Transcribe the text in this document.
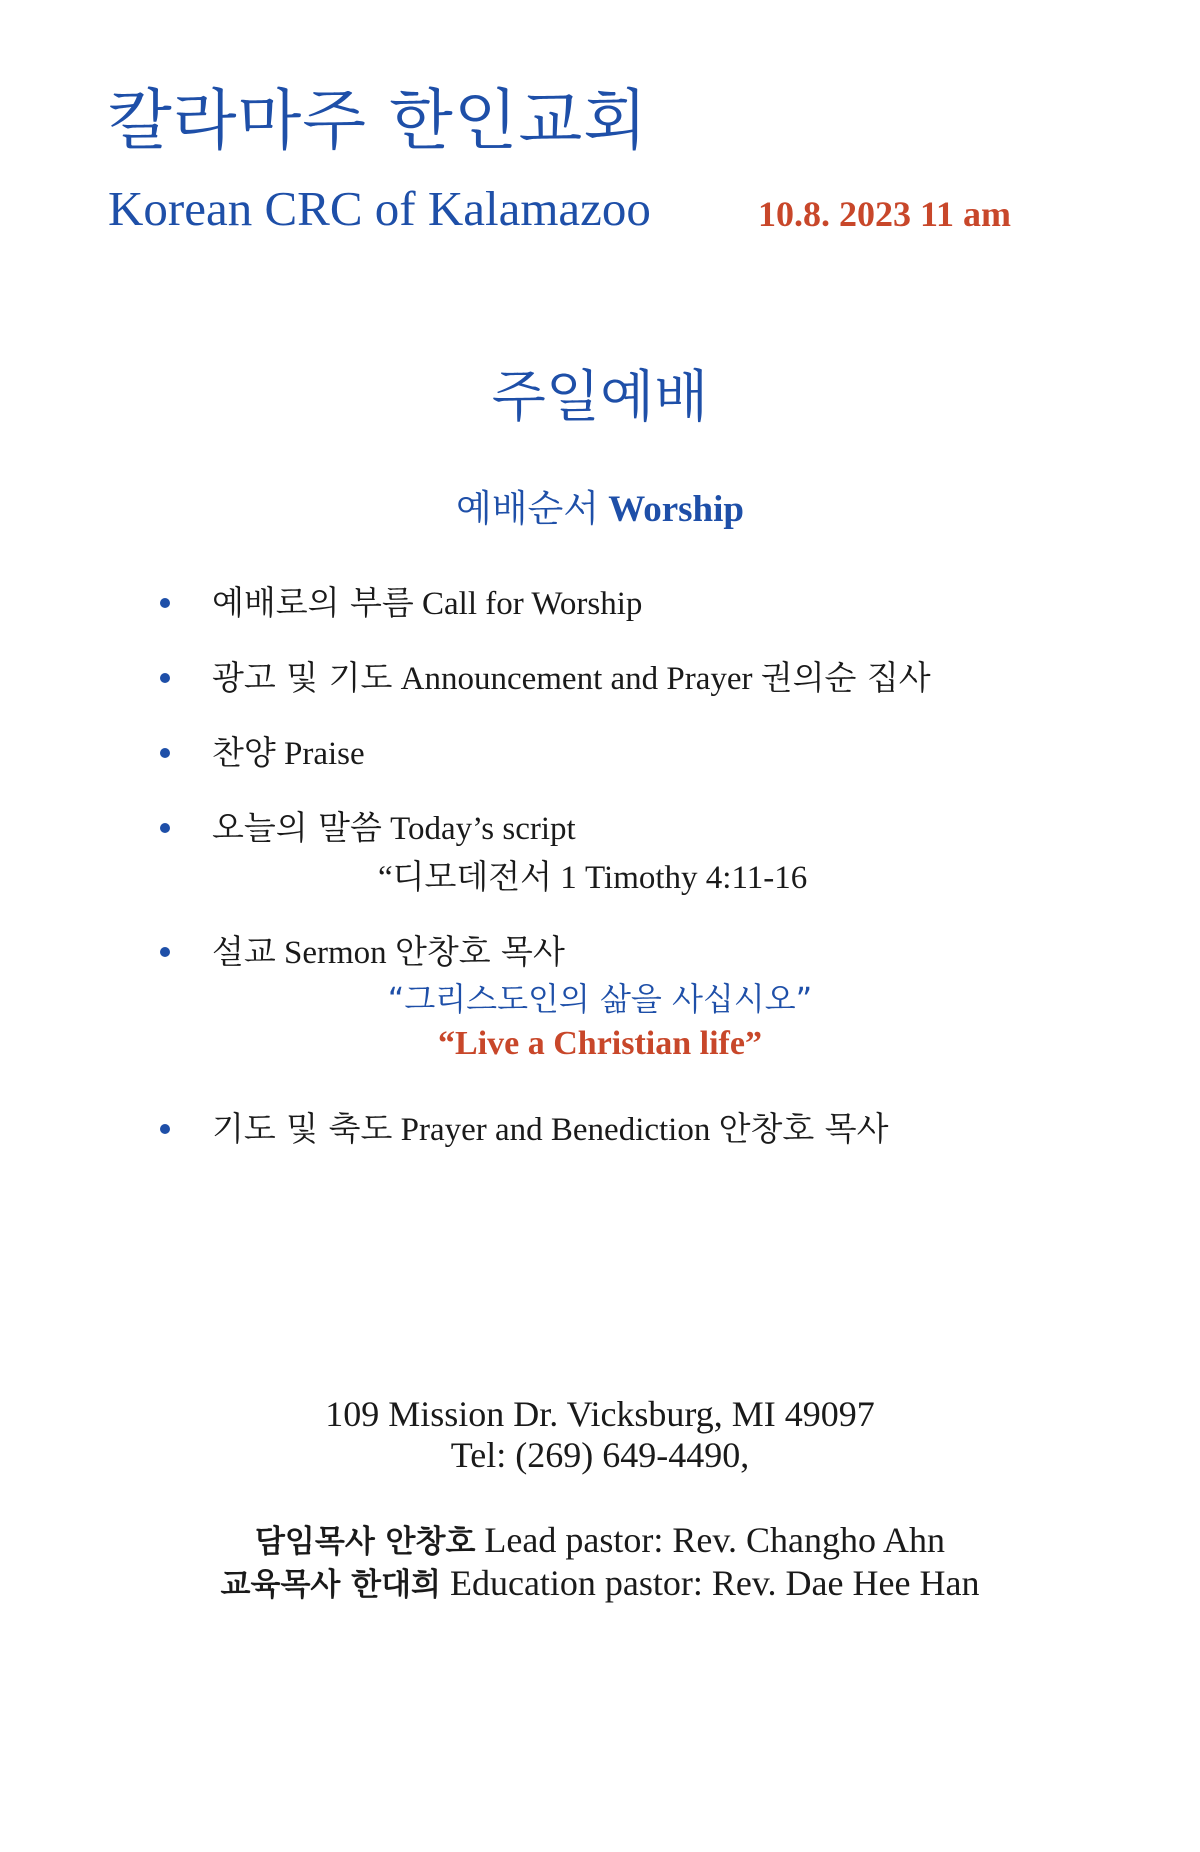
칼라마주 한인교회
Korean CRC of Kalamazoo	10.8. 2023 11 am
주일예배
예배순서 Worship
예배로의 부름 Call for Worship
광고 및 기도 Announcement and Prayer 권의순 집사
찬양 Praise
오늘의 말씀 Today’s script
“디모데전서 1 Timothy 4:11-16
설교 Sermon 안창호 목사
“그리스도인의 삶을 사십시오”
“Live a Christian life”
기도 및 축도 Prayer and Benediction 안창호 목사
109 Mission Dr. Vicksburg, MI 49097
Tel: (269) 649-4490,
담임목사 안창호 Lead pastor: Rev. Changho Ahn
교육목사 한대희 Education pastor: Rev. Dae Hee Han
